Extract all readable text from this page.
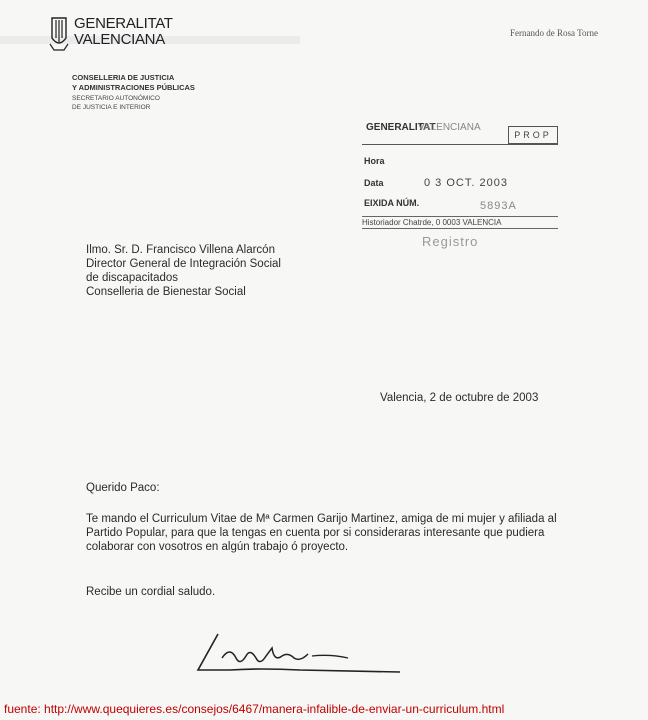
GENERALITAT
VALENCIANA
CONSELLERIA DE JUSTICIA
Y ADMINISTRACIONES PÚBLICAS
SECRETARIO AUTONÓMICO
DE JUSTICIA E INTERIOR
Fernando de Rosa Torne
GENERALITAT
VALENCIANA
PROP
Hora
Data	0 3 OCT. 2003
EIXIDA NÚM.	5893A
Historiador Chatrde, 0 0003 VALENCIA
Registro
Ilmo. Sr. D. Francisco Villena Alarcón
Director General de Integración Social
de discapacitados
Conselleria de Bienestar Social
Valencia, 2 de octubre de 2003
Querido Paco:
Te mando el Curriculum Vitae de Mª Carmen Garijo Martinez, amiga de mi mujer y afiliada al Partido Popular, para que la tengas en cuenta por si consideraras interesante que pudiera colaborar con vosotros en algún trabajo ó proyecto.
Recibe un cordial saludo.
fuente: http://www.quequieres.es/consejos/6467/manera-infalible-de-enviar-un-curriculum.html
